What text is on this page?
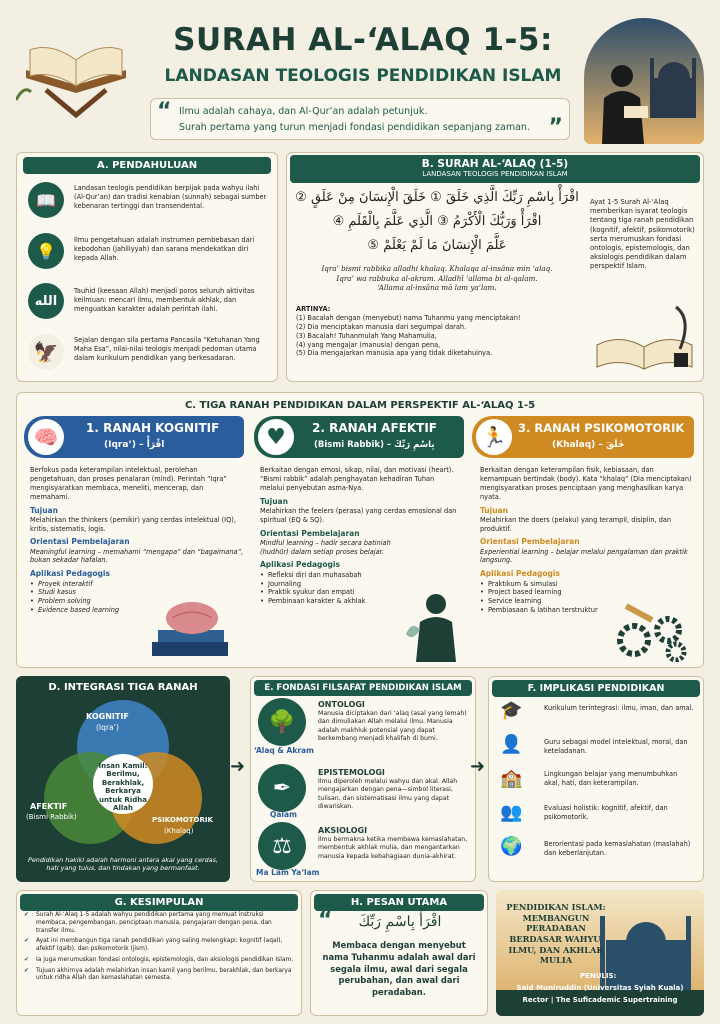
SURAH AL-‘ALAQ 1-5:
LANDASAN TEOLOGIS PENDIDIKAN ISLAM
“ Ilmu adalah cahaya, dan Al-Qur’an adalah petunjuk.
Surah pertama yang turun menjadi fondasi pendidikan sepanjang zaman. ”
A. PENDAHULUAN
📖
Landasan teologis pendidikan berpijak pada wahyu ilahi (Al-Qur’an) dan tradisi kenabian (sunnah) sebagai sumber kebenaran tertinggi dan transendental.
💡
Ilmu pengetahuan adalah instrumen pembebasan dari kebodohan (jahiliyyah) dan sarana mendekatkan diri kepada Allah.
الله
Tauhid (keesaan Allah) menjadi poros seluruh aktivitas keilmuan: mencari ilmu, membentuk akhlak, dan menguatkan karakter adalah perintah ilahi.
🦅	Sejalan dengan sila pertama Pancasila “Ketuhanan Yang Maha Esa”, nilai-nilai teologis menjadi pedoman utama dalam kurikulum pendidikan yang berkesadaran.
B. SURAH AL-‘ALAQ (1-5)
LANDASAN TEOLOGIS PENDIDIKAN ISLAM
اقْرَأْ بِاسْمِ رَبِّكَ الَّذِي خَلَقَ ① خَلَقَ الْإِنسَانَ مِنْ عَلَقٍ ②
اقْرَأْ وَرَبُّكَ الْأَكْرَمُ ③ الَّذِي عَلَّمَ بِالْقَلَمِ ④
عَلَّمَ الْإِنسَانَ مَا لَمْ يَعْلَمْ ⑤
Iqra’ bismi rabbika alladhi khalaq. Khalaqa al-insāna min ‘alaq.
Iqra’ wa rabbuka al-akram. Alladhī ‘allama bi al-qalam.
‘Allama al-insāna mā lam ya‘lam.
ARTINYA:
(1) Bacalah dengan (menyebut) nama Tuhanmu yang menciptakan!
(2) Dia menciptakan manusia dari segumpal darah.
(3) Bacalah! Tuhanmulah Yang Mahamulia,
(4) yang mengajar (manusia) dengan pena,
(5) Dia mengajarkan manusia apa yang tidak diketahuinya.
Ayat 1-5 Surah Al-‘Alaq memberikan isyarat teologis tentang tiga ranah pendidikan (kognitif, afektif, psikomotorik) serta merumuskan fondasi ontologis, epistemologis, dan aksiologis pendidikan dalam perspektif Islam.
C. TIGA RANAH PENDIDIKAN DALAM PERSPEKTIF AL-‘ALAQ 1-5
🧠	1. RANAH KOGNITIF
(Iqra’) – اقْرَأْ
Berfokus pada keterampilan intelektual, perolehan pengetahuan, dan proses penalaran (mind). Perintah “Iqra” mengisyaratkan membaca, meneliti, mencerap, dan memahami.
Tujuan
Melahirkan the thinkers (pemikir) yang cerdas intelektual (IQ), kritis, sistematis, logis.
Orientasi Pembelajaran
Meaningful learning – memahami “mengapa” dan “bagaimana”, bukan sekadar hafalan.
Aplikasi Pedagogis
• Proyek interaktif
• Studi kasus
• Problem solving
• Evidence based learning
♥	2. RANAH AFEKTIF
(Bismi Rabbik) – بِاسْمِ رَبِّكَ
Berkaitan dengan emosi, sikap, nilai, dan motivasi (heart). “Bismi rabbik” adalah penghayatan kehadiran Tuhan melalui penyebutan asma-Nya.
Tujuan
Melahirkan the feelers (perasa) yang cerdas emosional dan spiritual (EQ & SQ).
Orientasi Pembelajaran
Mindful learning – hadir secara batiniah (hudhūr) dalam setiap proses belajar.
Aplikasi Pedagogis
• Refleksi diri dan muhasabah
• Journaling
• Praktik syukur dan empati
• Pembinaan karakter & akhlak
🏃	3. RANAH PSIKOMOTORIK
(Khalaq) – خَلَقَ
Berkaitan dengan keterampilan fisik, kebiasaan, dan kemampuan bertindak (body). Kata “khalaq” (Dia menciptakan) mengisyaratkan proses penciptaan yang menghasilkan karya nyata.
Tujuan
Melahirkan the doers (pelaku) yang terampil, disiplin, dan produktif.
Orientasi Pembelajaran
Experiential learning – belajar melalui pengalaman dan praktik langsung.
Aplikasi Pedagogis
• Praktikum & simulasi
• Project based learning
• Service learning
• Pembiasaan & latihan terstruktur
D. INTEGRASI TIGA RANAH
KOGNITIF
(Iqra’)
AFEKTIF
(Bismi Rabbik)	PSIKOMOTORIK
(Khalaq)
Insan Kamil: Berilmu, Berakhlak, Berkarya untuk Ridha Allah
Pendidikan hakiki adalah harmoni antara akal yang cerdas, hati yang tulus, dan tindakan yang bermanfaat.
➜
E. FONDASI FILSAFAT PENDIDIKAN ISLAM
🌳
‘Alaq & Akram
ONTOLOGI
Manusia diciptakan dari ‘alaq (asal yang lemah) dan dimuliakan Allah melalui ilmu. Manusia adalah makhluk potensial yang dapat berkembang menjadi khalifah di bumi.
✒
Qalam
EPISTEMOLOGI
Ilmu diperoleh melalui wahyu dan akal. Allah mengajarkan dengan pena—simbol literasi, tulisan, dan sistematisasi ilmu yang dapat diwariskan.
⚖
Ma Lam Ya‘lam
AKSIOLOGI
Ilmu bermakna ketika membawa kemaslahatan, membentuk akhlak mulia, dan mengantarkan manusia kepada kebahagiaan dunia-akhirat.
➜
F. IMPLIKASI PENDIDIKAN
🎓	Kurikulum terintegrasi: ilmu, iman, dan amal.
👤	Guru sebagai model intelektual, moral, dan keteladanan.
🏫	Lingkungan belajar yang menumbuhkan akal, hati, dan keterampilan.
👥	Evaluasi holistik: kognitif, afektif, dan psikomotorik.
🌍	Berorientasi pada kemaslahatan (maslahah) dan keberlanjutan.
G. KESIMPULAN
✔ Surah Al-‘Alaq 1-5 adalah wahyu pendidikan pertama yang memuat instruksi membaca, pengembangan, penciptaan manusia, pengajaran dengan pena, dan transfer ilmu.
✔ Ayat ini membangun tiga ranah pendidikan yang saling melengkapi: kognitif (aqal), afektif (qalb), dan psikomotorik (jism).
✔ Ia juga merumuskan fondasi ontologis, epistemologis, dan aksiologis pendidikan Islam.
✔ Tujuan akhirnya adalah melahirkan insan kamil yang berilmu, berakhlak, dan berkarya untuk ridha Allah dan kemaslahatan semesta.
H. PESAN UTAMA
“	اقْرَأْ بِاسْمِ رَبِّكَ
Membaca dengan menyebut nama Tuhanmu adalah awal dari segala ilmu, awal dari segala perubahan, dan awal dari peradaban.
PENDIDIKAN ISLAM: MEMBANGUN PERADABAN BERDASAR WAHYU, ILMU, DAN AKHLAK MULIA
PENULIS:
Said Muniruddin (Universitas Syiah Kuala)
Rector | The Suficademic Supertraining
